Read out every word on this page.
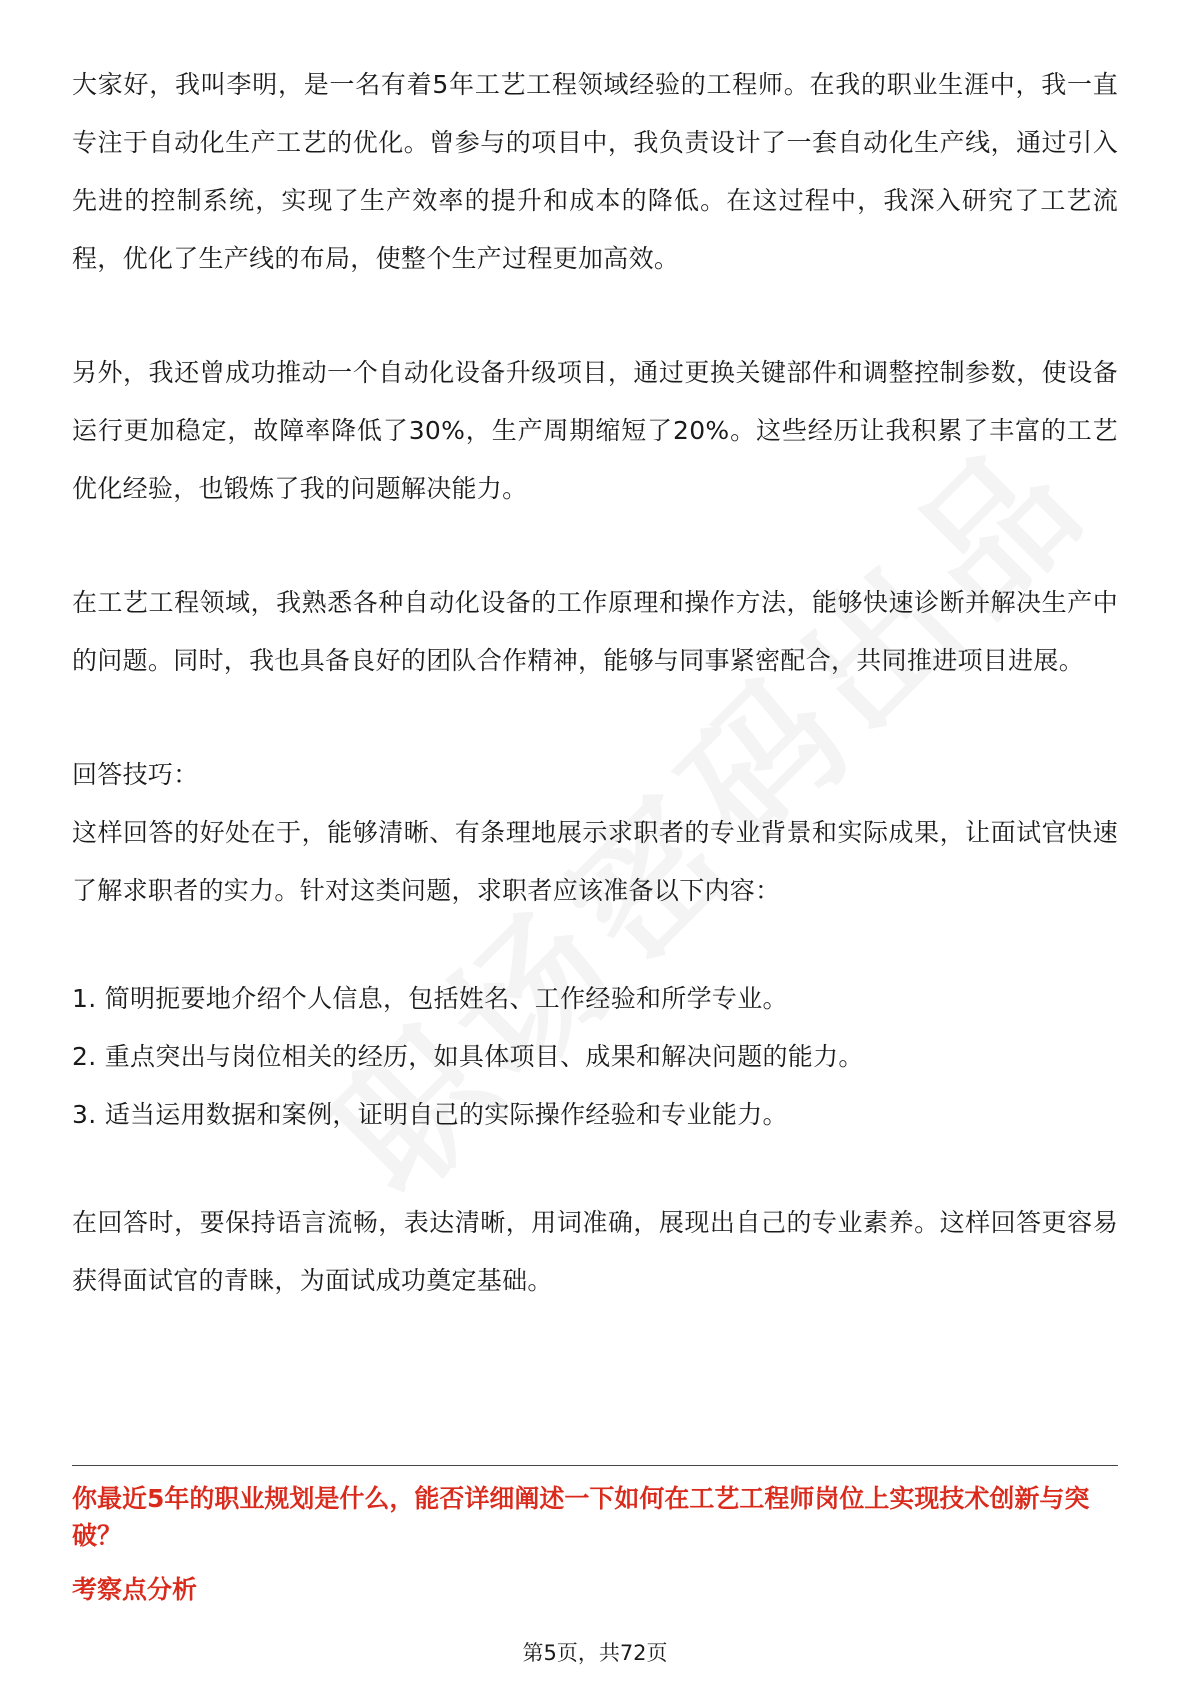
大家好，我叫李明，是一名有着5年工艺工程领域经验的工程师。在我的职业生涯中，我一直专注于自动化生产工艺的优化。曾参与的项目中，我负责设计了一套自动化生产线，通过引入先进的控制系统，实现了生产效率的提升和成本的降低。在这过程中，我深入研究了工艺流程，优化了生产线的布局，使整个生产过程更加高效。

另外，我还曾成功推动一个自动化设备升级项目，通过更换关键部件和调整控制参数，使设备运行更加稳定，故障率降低了30%，生产周期缩短了20%。这些经历让我积累了丰富的工艺优化经验，也锻炼了我的问题解决能力。

在工艺工程领域，我熟悉各种自动化设备的工作原理和操作方法，能够快速诊断并解决生产中的问题。同时，我也具备良好的团队合作精神，能够与同事紧密配合，共同推进项目进展。

回答技巧：

这样回答的好处在于，能够清晰、有条理地展示求职者的专业背景和实际成果，让面试官快速了解求职者的实力。针对这类问题，求职者应该准备以下内容：

1. 简明扼要地介绍个人信息，包括姓名、工作经验和所学专业。

2. 重点突出与岗位相关的经历，如具体项目、成果和解决问题的能力。

3. 适当运用数据和案例，证明自己的实际操作经验和专业能力。

在回答时，要保持语言流畅，表达清晰，用词准确，展现出自己的专业素养。这样回答更容易获得面试官的青睐，为面试成功奠定基础。

你最近5年的职业规划是什么，能否详细阐述一下如何在工艺工程师岗位上实现技术创新与突破？

考察点分析

第5页，共72页
